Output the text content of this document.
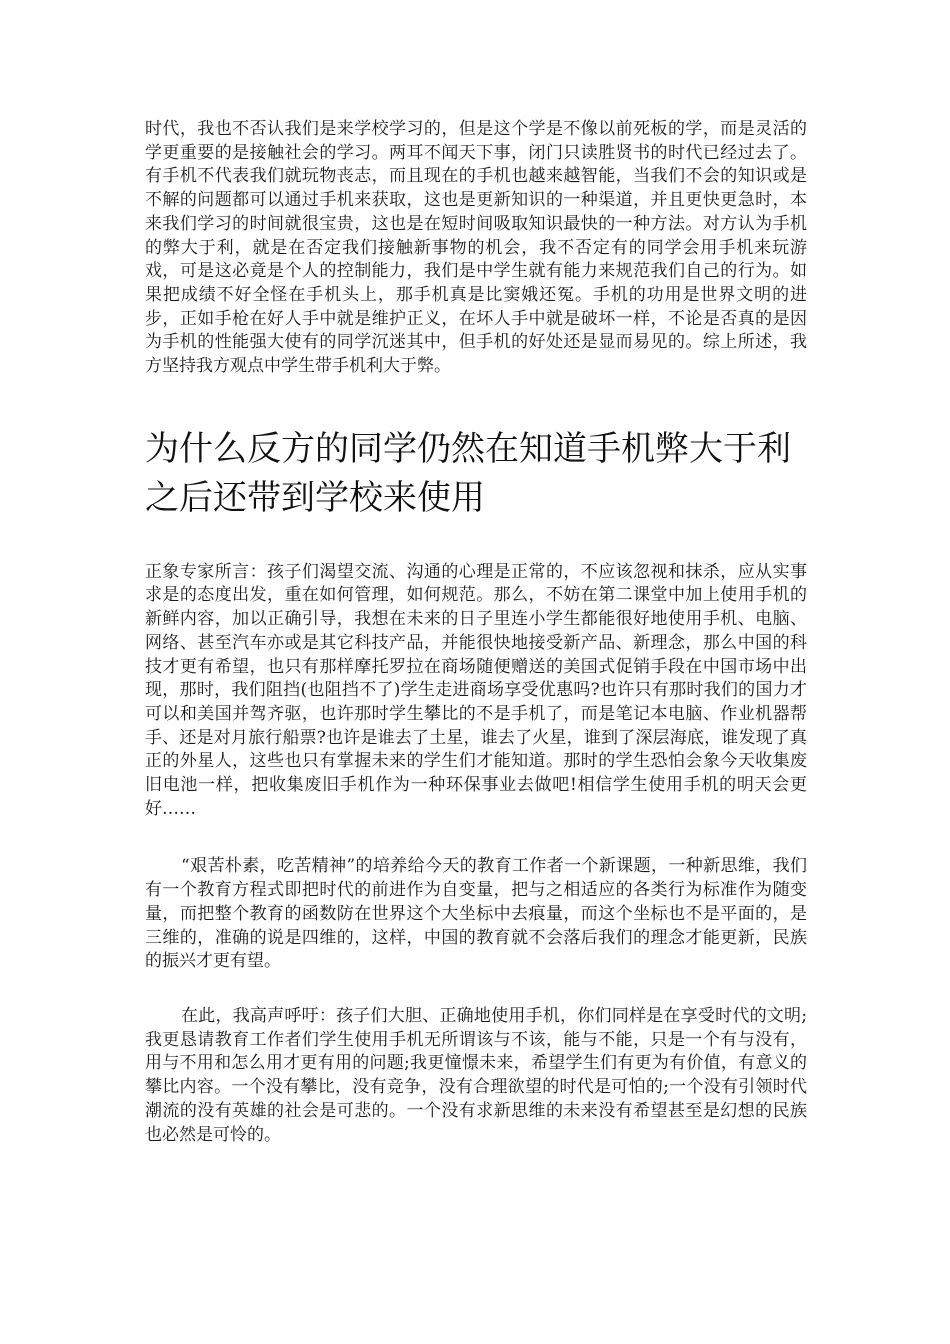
时代，我也不否认我们是来学校学习的，但是这个学是不像以前死板的学，而是灵活的学更重要的是接触社会的学习。两耳不闻天下事，闭门只读胜贤书的时代已经过去了。有手机不代表我们就玩物丧志，而且现在的手机也越来越智能，当我们不会的知识或是不解的问题都可以通过手机来获取，这也是更新知识的一种渠道，并且更快更急时，本来我们学习的时间就很宝贵，这也是在短时间吸取知识最快的一种方法。对方认为手机的弊大于利，就是在否定我们接触新事物的机会，我不否定有的同学会用手机来玩游戏，可是这必竟是个人的控制能力，我们是中学生就有能力来规范我们自己的行为。如果把成绩不好全怪在手机头上，那手机真是比窦娥还冤。手机的功用是世界文明的进步，正如手枪在好人手中就是维护正义，在坏人手中就是破坏一样，不论是否真的是因为手机的性能强大使有的同学沉迷其中，但手机的好处还是显而易见的。综上所述，我方坚持我方观点中学生带手机利大于弊。

为什么反方的同学仍然在知道手机弊大于利之后还带到学校来使用

正象专家所言：孩子们渴望交流、沟通的心理是正常的，不应该忽视和抹杀，应从实事求是的态度出发，重在如何管理，如何规范。那么，不妨在第二课堂中加上使用手机的新鲜内容，加以正确引导，我想在未来的日子里连小学生都能很好地使用手机、电脑、网络、甚至汽车亦或是其它科技产品，并能很快地接受新产品、新理念，那么中国的科技才更有希望，也只有那样摩托罗拉在商场随便赠送的美国式促销手段在中国市场中出现，那时，我们阻挡(也阻挡不了)学生走进商场享受优惠吗?也许只有那时我们的国力才可以和美国并驾齐驱，也许那时学生攀比的不是手机了，而是笔记本电脑、作业机器帮手、还是对月旅行船票?也许是谁去了土星，谁去了火星，谁到了深层海底，谁发现了真正的外星人，这些也只有掌握未来的学生们才能知道。那时的学生恐怕会象今天收集废旧电池一样，把收集废旧手机作为一种环保事业去做吧!相信学生使用手机的明天会更好……

“艰苦朴素，吃苦精神”的培养给今天的教育工作者一个新课题，一种新思维，我们有一个教育方程式即把时代的前进作为自变量，把与之相适应的各类行为标准作为随变量，而把整个教育的函数防在世界这个大坐标中去痕量，而这个坐标也不是平面的，是三维的，准确的说是四维的，这样，中国的教育就不会落后我们的理念才能更新，民族的振兴才更有望。

在此，我高声呼吁：孩子们大胆、正确地使用手机，你们同样是在享受时代的文明;我更恳请教育工作者们学生使用手机无所谓该与不该，能与不能，只是一个有与没有，用与不用和怎么用才更有用的问题;我更憧憬未来，希望学生们有更为有价值，有意义的攀比内容。一个没有攀比，没有竞争，没有合理欲望的时代是可怕的;一个没有引领时代潮流的没有英雄的社会是可悲的。一个没有求新思维的未来没有希望甚至是幻想的民族也必然是可怜的。
